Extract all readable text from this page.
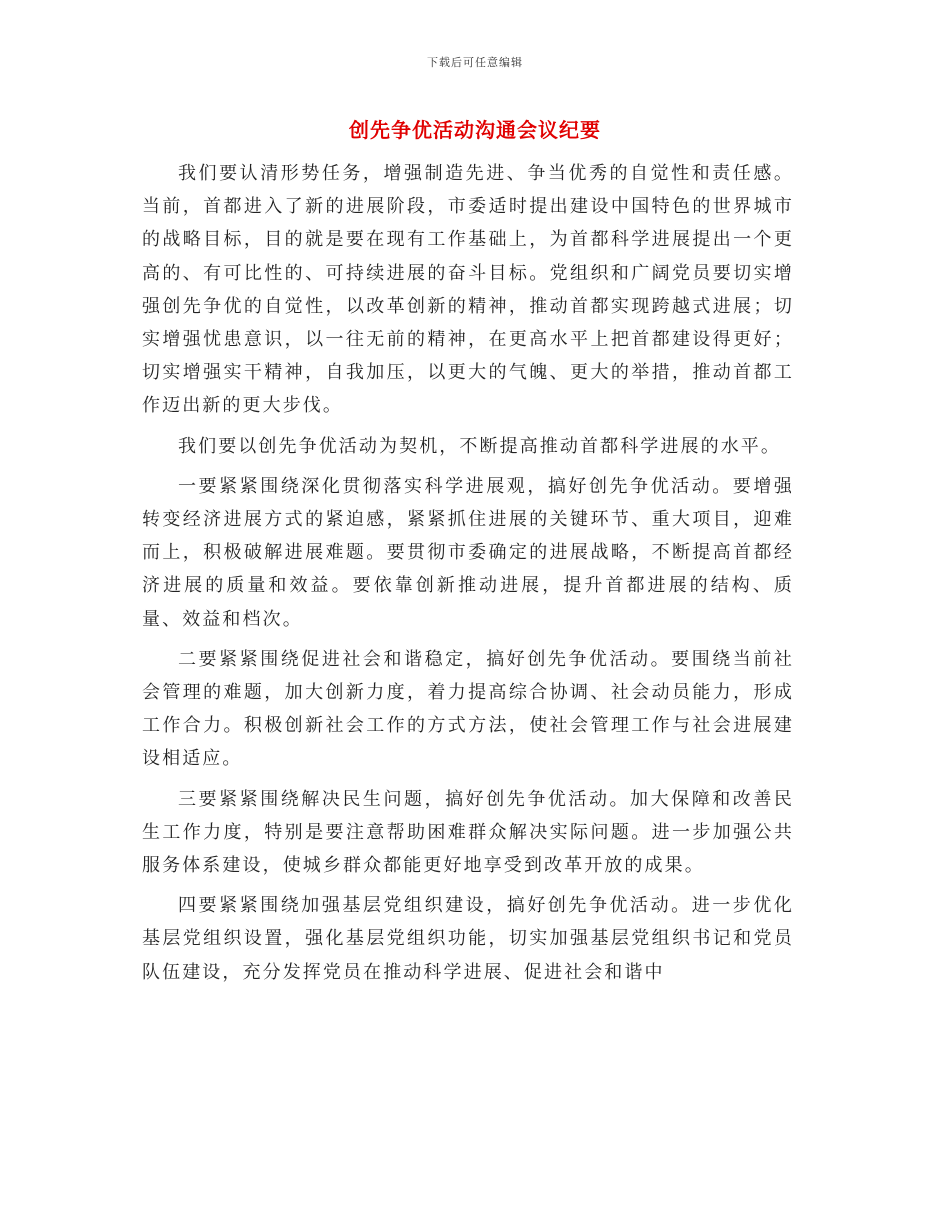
下载后可任意编辑
创先争优活动沟通会议纪要

我们要认清形势任务，增强制造先进、争当优秀的自觉性和责任感。当前，首都进入了新的进展阶段，市委适时提出建设中国特色的世界城市的战略目标，目的就是要在现有工作基础上，为首都科学进展提出一个更高的、有可比性的、可持续进展的奋斗目标。党组织和广阔党员要切实增强创先争优的自觉性，以改革创新的精神，推动首都实现跨越式进展；切实增强忧患意识，以一往无前的精神，在更高水平上把首都建设得更好；切实增强实干精神，自我加压，以更大的气魄、更大的举措，推动首都工作迈出新的更大步伐。

我们要以创先争优活动为契机，不断提高推动首都科学进展的水平。

一要紧紧围绕深化贯彻落实科学进展观，搞好创先争优活动。要增强转变经济进展方式的紧迫感，紧紧抓住进展的关键环节、重大项目，迎难而上，积极破解进展难题。要贯彻市委确定的进展战略，不断提高首都经济进展的质量和效益。要依靠创新推动进展，提升首都进展的结构、质量、效益和档次。

二要紧紧围绕促进社会和谐稳定，搞好创先争优活动。要围绕当前社会管理的难题，加大创新力度，着力提高综合协调、社会动员能力，形成工作合力。积极创新社会工作的方式方法，使社会管理工作与社会进展建设相适应。

三要紧紧围绕解决民生问题，搞好创先争优活动。加大保障和改善民生工作力度，特别是要注意帮助困难群众解决实际问题。进一步加强公共服务体系建设，使城乡群众都能更好地享受到改革开放的成果。

四要紧紧围绕加强基层党组织建设，搞好创先争优活动。进一步优化基层党组织设置，强化基层党组织功能，切实加强基层党组织书记和党员队伍建设，充分发挥党员在推动科学进展、促进社会和谐中
